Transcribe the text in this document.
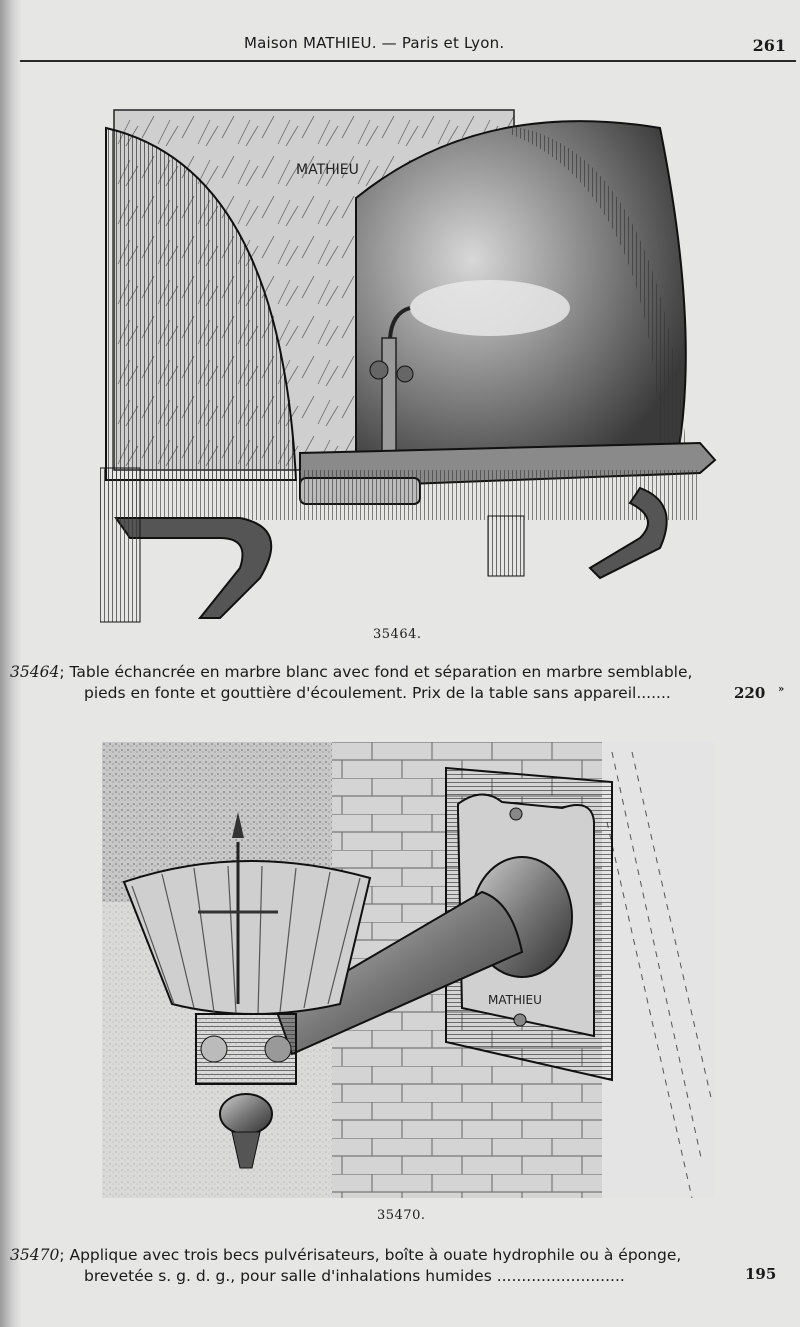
Maison MATHIEU. — Paris et Lyon.	261
MATHIEU
35464.
35464; Table échancrée en marbre blanc avec fond et séparation en marbre semblable,
pieds en fonte et gouttière d'écoulement. Prix de la table sans appareil.......	220 »
MATHIEU
35470.
35470; Applique avec trois becs pulvérisateurs, boîte à ouate hydrophile ou à éponge,
brevetée s. g. d. g., pour salle d'inhalations humides ..........................	195
